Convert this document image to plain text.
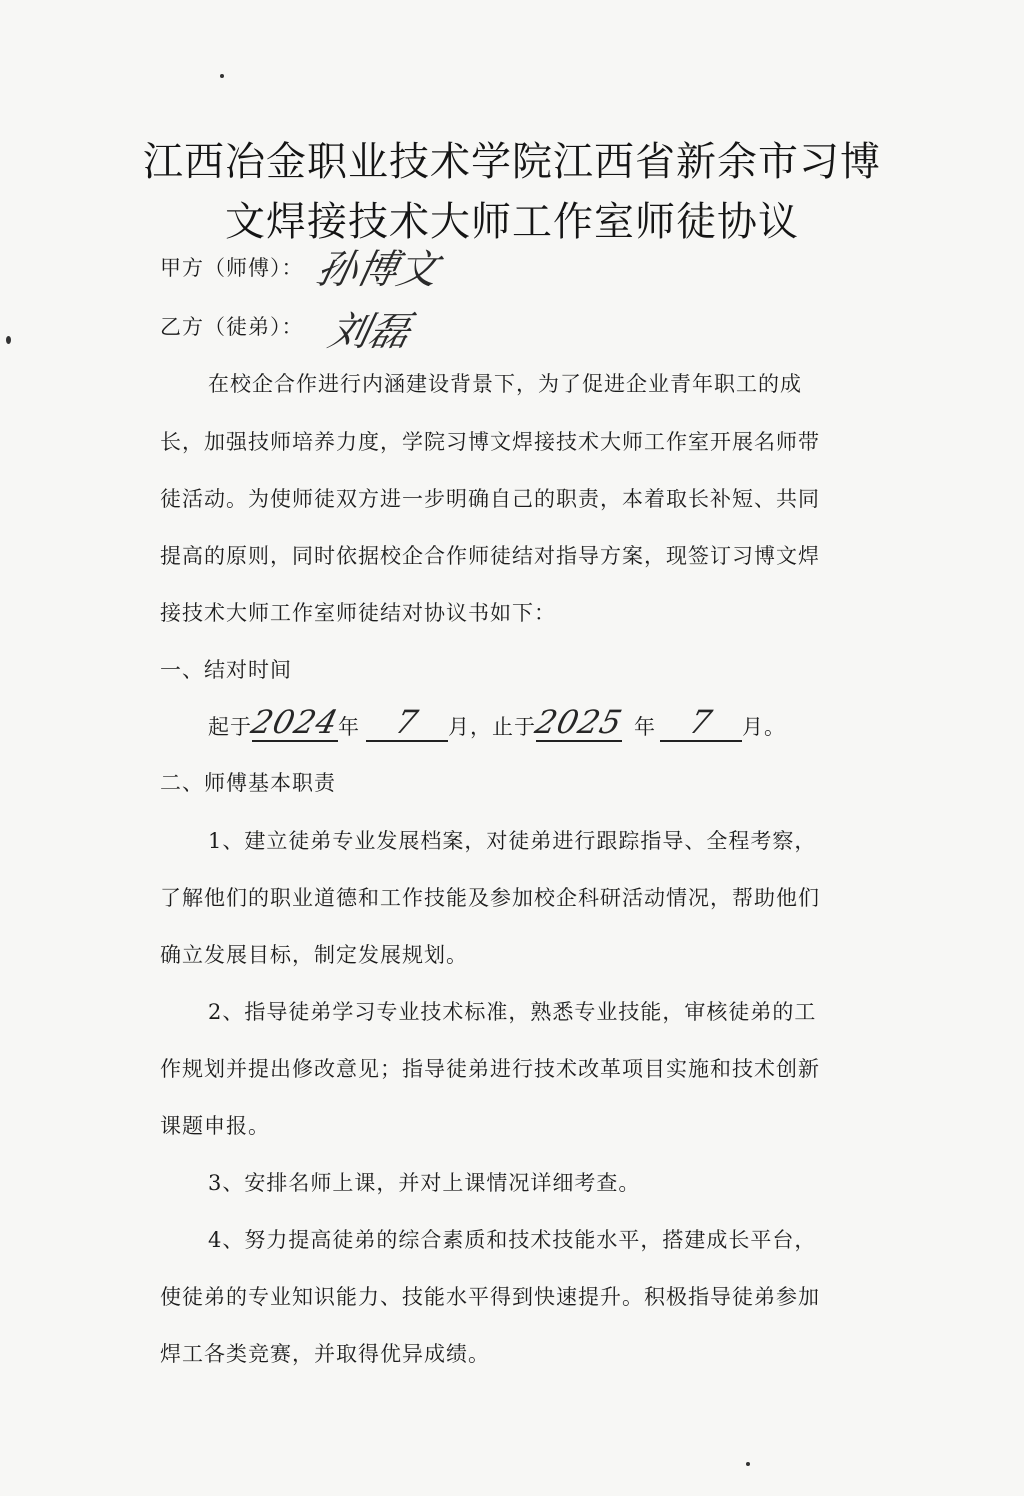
江西冶金职业技术学院江西省新余市习博
文焊接技术大师工作室师徒协议
甲方（师傅）： 孙博文
乙方（徒弟）： 刘磊
在校企合作进行内涵建设背景下，为了促进企业青年职工的成
长，加强技师培养力度，学院习博文焊接技术大师工作室开展名师带
徒活动。为使师徒双方进一步明确自己的职责，本着取长补短、共同
提高的原则，同时依据校企合作师徒结对指导方案，现签订习博文焊
接技术大师工作室师徒结对协议书如下：
一、结对时间
起于
2024
年 7	月，止于
2025 年 7	月。
二、师傅基本职责
1、建立徒弟专业发展档案，对徒弟进行跟踪指导、全程考察，
了解他们的职业道德和工作技能及参加校企科研活动情况，帮助他们
确立发展目标，制定发展规划。
2、指导徒弟学习专业技术标准，熟悉专业技能，审核徒弟的工
作规划并提出修改意见；指导徒弟进行技术改革项目实施和技术创新
课题申报。
3、安排名师上课，并对上课情况详细考查。
4、努力提高徒弟的综合素质和技术技能水平，搭建成长平台，
使徒弟的专业知识能力、技能水平得到快速提升。积极指导徒弟参加
焊工各类竞赛，并取得优异成绩。
